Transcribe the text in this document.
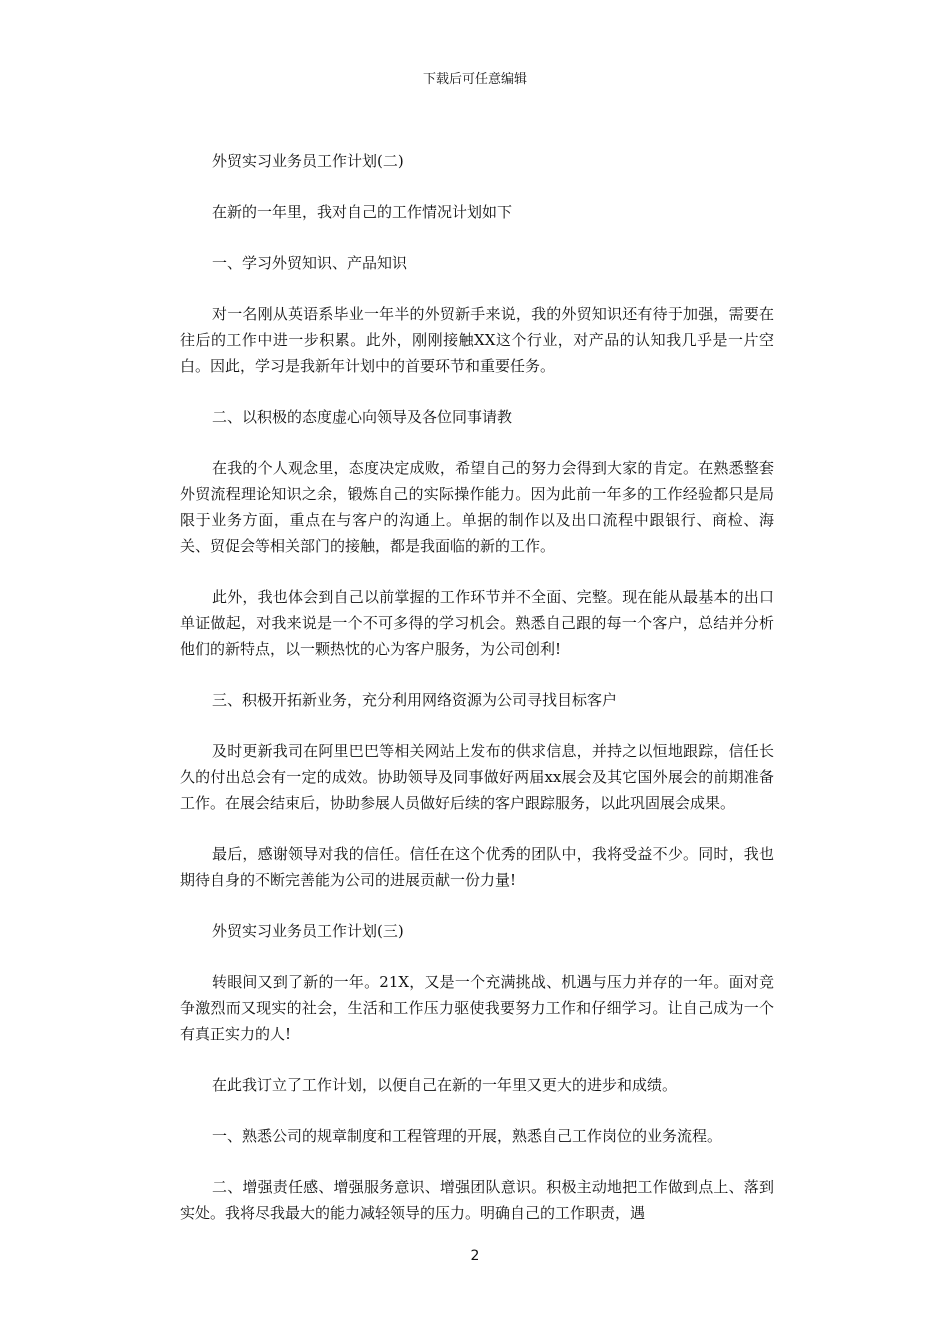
下载后可任意编辑

外贸实习业务员工作计划(二)

在新的一年里，我对自己的工作情况计划如下

一、学习外贸知识、产品知识

对一名刚从英语系毕业一年半的外贸新手来说，我的外贸知识还有待于加强，需要在往后的工作中进一步积累。此外，刚刚接触XX这个行业，对产品的认知我几乎是一片空白。因此，学习是我新年计划中的首要环节和重要任务。

二、以积极的态度虚心向领导及各位同事请教

在我的个人观念里，态度决定成败，希望自己的努力会得到大家的肯定。在熟悉整套外贸流程理论知识之余，锻炼自己的实际操作能力。因为此前一年多的工作经验都只是局限于业务方面，重点在与客户的沟通上。单据的制作以及出口流程中跟银行、商检、海关、贸促会等相关部门的接触，都是我面临的新的工作。

此外，我也体会到自己以前掌握的工作环节并不全面、完整。现在能从最基本的出口单证做起，对我来说是一个不可多得的学习机会。熟悉自己跟的每一个客户，总结并分析他们的新特点，以一颗热忱的心为客户服务，为公司创利!

三、积极开拓新业务，充分利用网络资源为公司寻找目标客户

及时更新我司在阿里巴巴等相关网站上发布的供求信息，并持之以恒地跟踪，信任长久的付出总会有一定的成效。协助领导及同事做好两届xx展会及其它国外展会的前期准备工作。在展会结束后，协助参展人员做好后续的客户跟踪服务，以此巩固展会成果。

最后，感谢领导对我的信任。信任在这个优秀的团队中，我将受益不少。同时，我也期待自身的不断完善能为公司的进展贡献一份力量!

外贸实习业务员工作计划(三)

转眼间又到了新的一年。21X，又是一个充满挑战、机遇与压力并存的一年。面对竞争激烈而又现实的社会，生活和工作压力驱使我要努力工作和仔细学习。让自己成为一个有真正实力的人!

在此我订立了工作计划，以便自己在新的一年里又更大的进步和成绩。

一、熟悉公司的规章制度和工程管理的开展，熟悉自己工作岗位的业务流程。

二、增强责任感、增强服务意识、增强团队意识。积极主动地把工作做到点上、落到实处。我将尽我最大的能力减轻领导的压力。明确自己的工作职责，遇

2
